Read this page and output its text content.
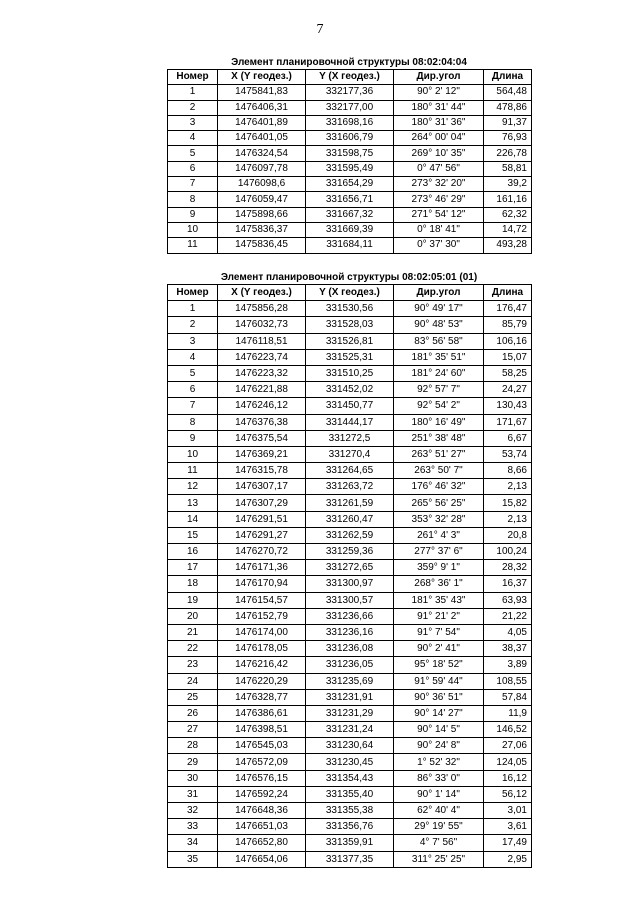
7
Элемент планировочной структуры 08:02:04:04
Номер	X (Y геодез.)	Y (X геодез.)	Дир.угол	Длина
1	1475841,83	332177,36	90° 2' 12"	564,48
2	1476406,31	332177,00	180° 31' 44"	478,86
3	1476401,89	331698,16	180° 31' 36"	91,37
4	1476401,05	331606,79	264° 00' 04"	76,93
5	1476324,54	331598,75	269° 10' 35"	226,78
6	1476097,78	331595,49	0° 47' 56"	58,81
7	1476098,6	331654,29	273° 32' 20"	39,2
8	1476059,47	331656,71	273° 46' 29"	161,16
9	1475898,66	331667,32	271° 54' 12"	62,32
10	1475836,37	331669,39	0° 18' 41"	14,72
11	1475836,45	331684,11	0° 37' 30"	493,28
Элемент планировочной структуры 08:02:05:01 (01)
Номер	X (Y геодез.)	Y (X геодез.)	Дир.угол	Длина
1	1475856,28	331530,56	90° 49' 17"	176,47
2	1476032,73	331528,03	90° 48' 53"	85,79
3	1476118,51	331526,81	83° 56' 58"	106,16
4	1476223,74	331525,31	181° 35' 51"	15,07
5	1476223,32	331510,25	181° 24' 60"	58,25
6	1476221,88	331452,02	92° 57' 7"	24,27
7	1476246,12	331450,77	92° 54' 2"	130,43
8	1476376,38	331444,17	180° 16' 49"	171,67
9	1476375,54	331272,5	251° 38' 48"	6,67
10	1476369,21	331270,4	263° 51' 27"	53,74
11	1476315,78	331264,65	263° 50' 7"	8,66
12	1476307,17	331263,72	176° 46' 32"	2,13
13	1476307,29	331261,59	265° 56' 25"	15,82
14	1476291,51	331260,47	353° 32' 28"	2,13
15	1476291,27	331262,59	261° 4' 3"	20,8
16	1476270,72	331259,36	277° 37' 6"	100,24
17	1476171,36	331272,65	359° 9' 1"	28,32
18	1476170,94	331300,97	268° 36' 1"	16,37
19	1476154,57	331300,57	181° 35' 43"	63,93
20	1476152,79	331236,66	91° 21' 2"	21,22
21	1476174,00	331236,16	91° 7' 54"	4,05
22	1476178,05	331236,08	90° 2' 41"	38,37
23	1476216,42	331236,05	95° 18' 52"	3,89
24	1476220,29	331235,69	91° 59' 44"	108,55
25	1476328,77	331231,91	90° 36' 51"	57,84
26	1476386,61	331231,29	90° 14' 27"	11,9
27	1476398,51	331231,24	90° 14' 5"	146,52
28	1476545,03	331230,64	90° 24' 8"	27,06
29	1476572,09	331230,45	1° 52' 32"	124,05
30	1476576,15	331354,43	86° 33' 0"	16,12
31	1476592,24	331355,40	90° 1' 14"	56,12
32	1476648,36	331355,38	62° 40' 4"	3,01
33	1476651,03	331356,76	29° 19' 55"	3,61
34	1476652,80	331359,91	4° 7' 56"	17,49
35	1476654,06	331377,35	311° 25' 25"	2,95
